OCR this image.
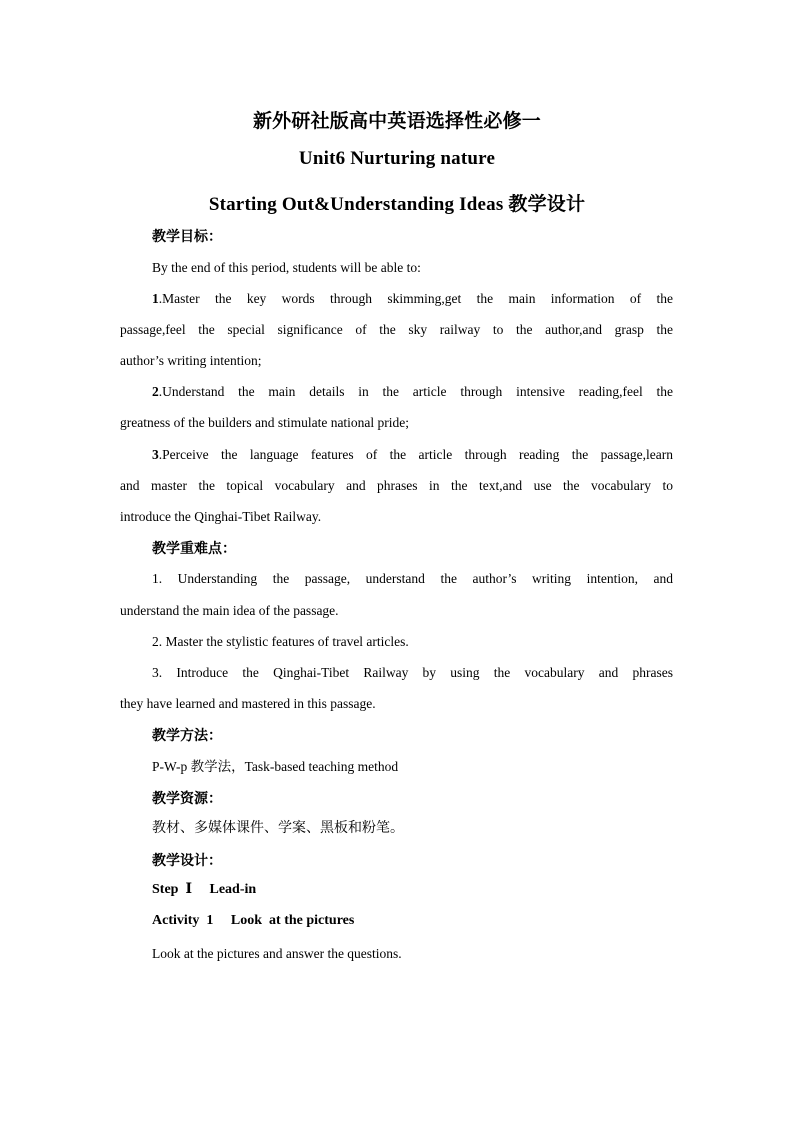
新外研社版高中英语选择性必修一
Unit6 Nurturing nature
Starting Out&Understanding Ideas 教学设计
教学目标：
By the end of this period, students will be able to:
1.Master the key words through skimming,get the main information of the
passage,feel the special significance of the sky railway to the author,and grasp the
author’s writing intention;
2.Understand the main details in the article through intensive reading,feel the
greatness of the builders and stimulate national pride;
3.Perceive the language features of the article through reading the passage,learn
and master the topical vocabulary and phrases in the text,and use the vocabulary to
introduce the Qinghai-Tibet Railway.
教学重难点：
1. Understanding the passage, understand the author’s writing intention, and
understand the main idea of the passage.
2. Master the stylistic features of travel articles.
3. Introduce the Qinghai-Tibet Railway by using the vocabulary and phrases
they have learned and mastered in this passage.
教学方法：
P-W-p 教学法，Task-based teaching method
教学资源：
教材、多媒体课件、学案、黑板和粉笔。
教学设计：
Step  Ⅰ     Lead-in
Activity  1     Look  at the pictures
Look at the pictures and answer the questions.
